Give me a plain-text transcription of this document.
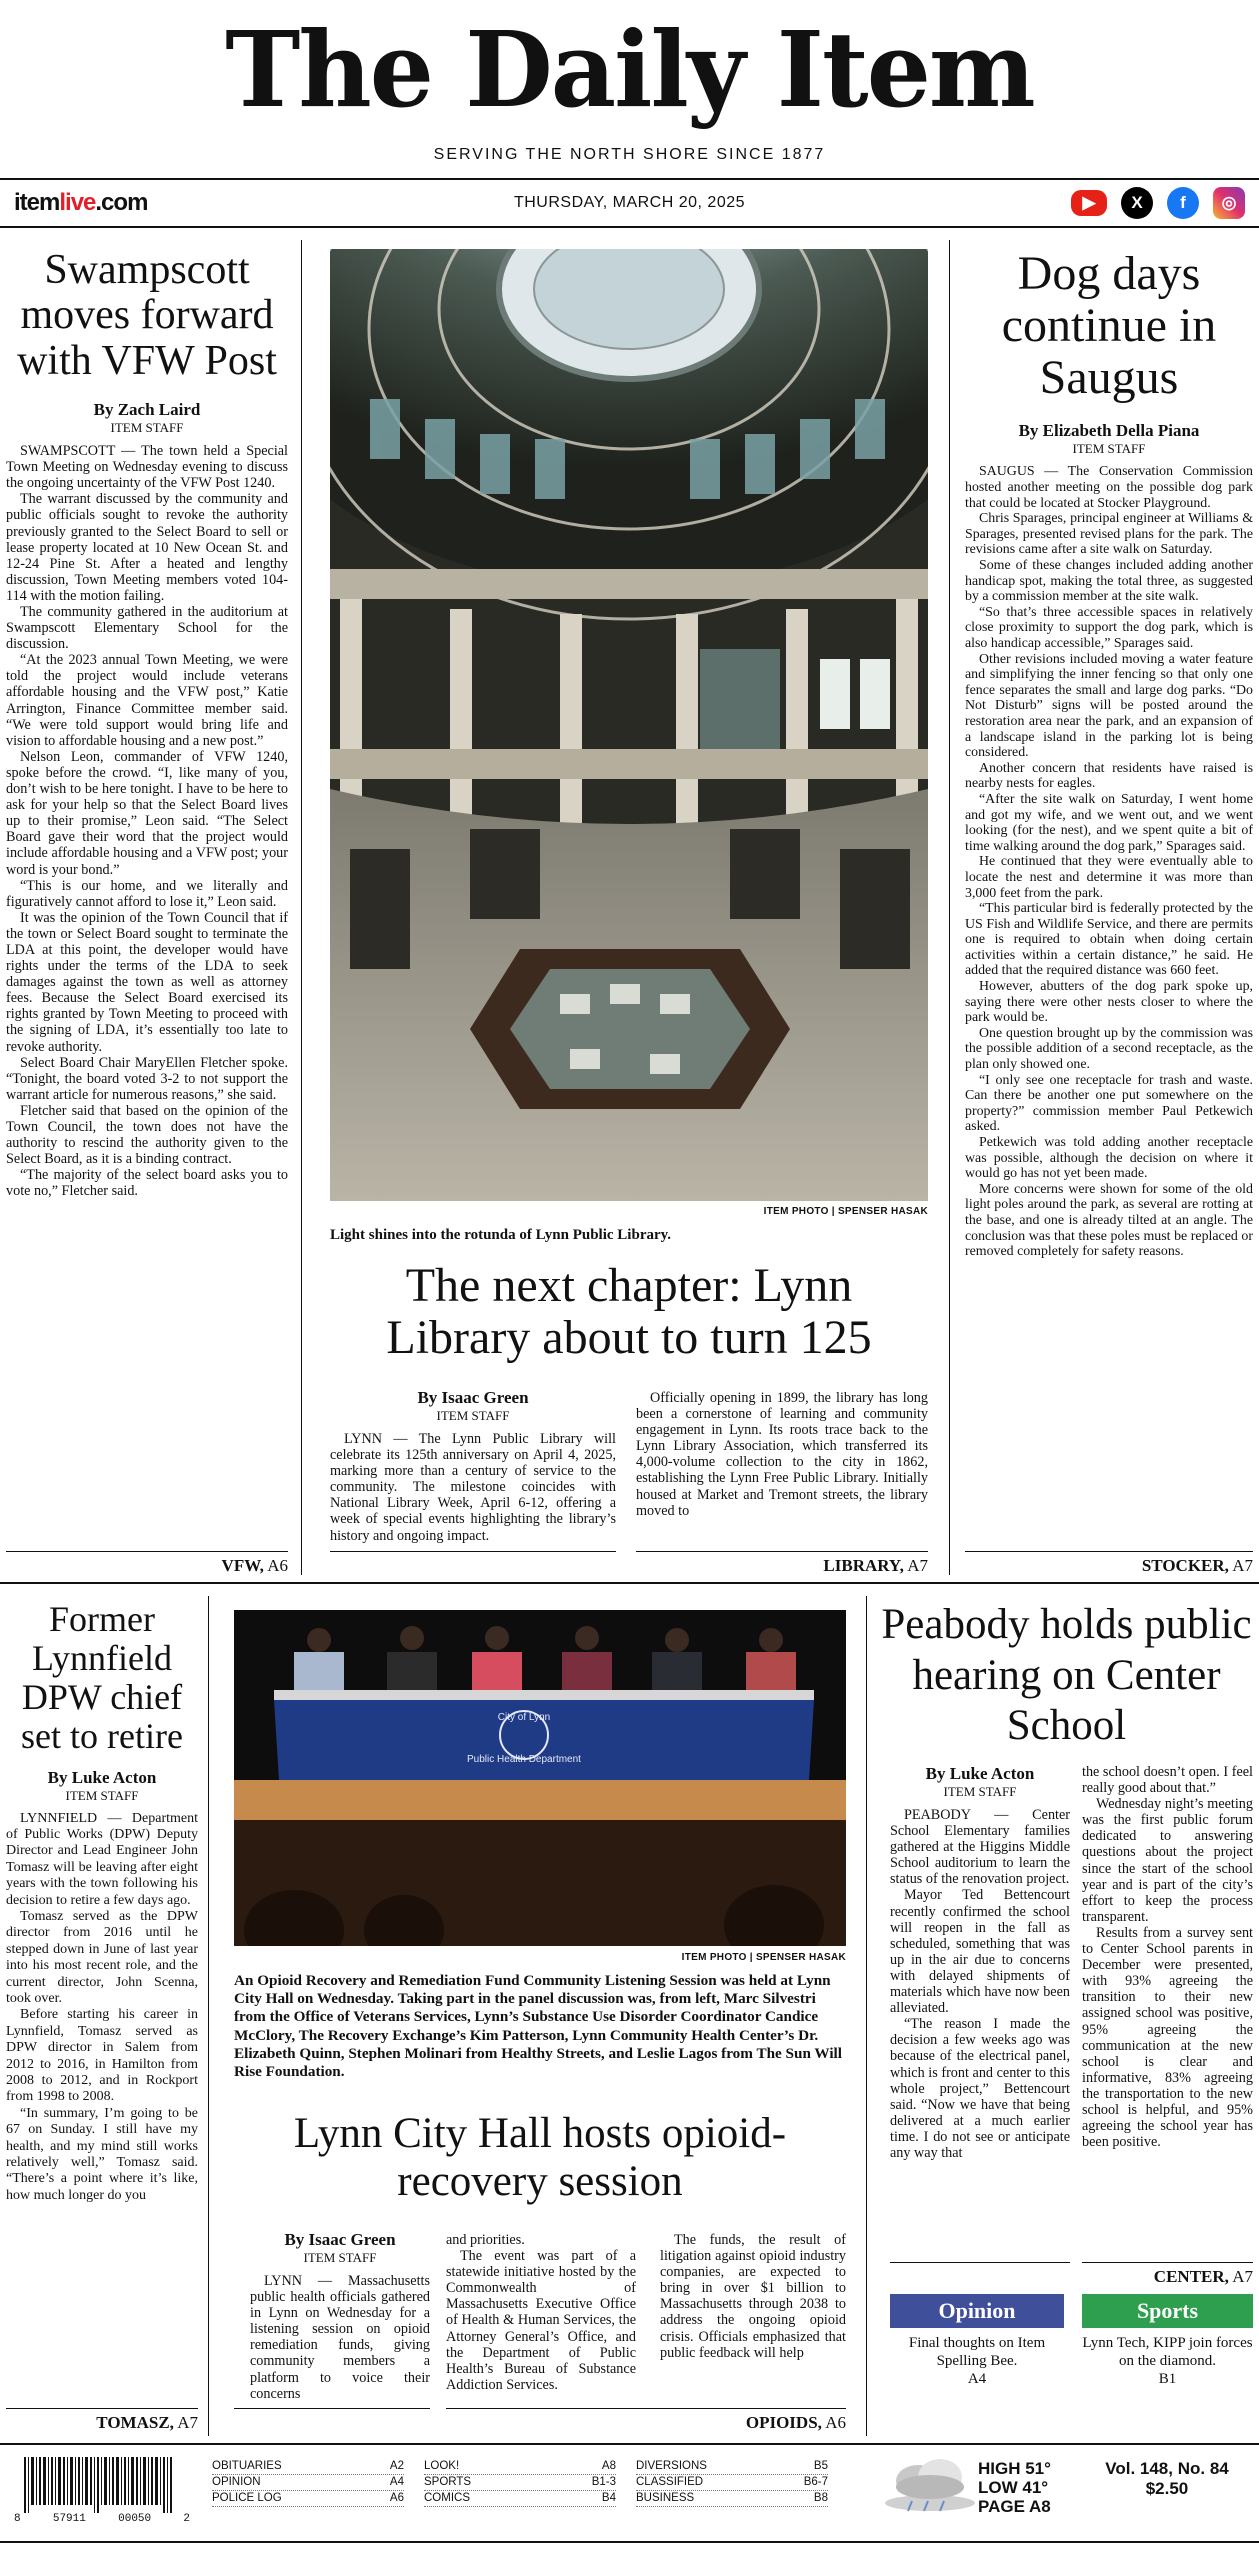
The Daily Item
SERVING THE NORTH SHORE SINCE 1877
THURSDAY, MARCH 20, 2025
itemlive.com	▶	X	f	◎
Swampscott moves forward with VFW Post
By Zach Laird
ITEM STAFF

SWAMPSCOTT — The town held a Special Town Meeting on Wednesday evening to discuss the ongoing uncertainty of the VFW Post 1240.

The warrant discussed by the community and public officials sought to revoke the authority previously granted to the Select Board to sell or lease property located at 10 New Ocean St. and 12-24 Pine St. After a heated and lengthy discussion, Town Meeting members voted 104-114 with the motion failing.

The community gathered in the auditorium at Swampscott Elementary School for the discussion.

“At the 2023 annual Town Meeting, we were told the project would include veterans affordable housing and the VFW post,” Katie Arrington, Finance Committee member said. “We were told support would bring life and vision to affordable housing and a new post.”

Nelson Leon, commander of VFW 1240, spoke before the crowd. “I, like many of you, don’t wish to be here tonight. I have to be here to ask for your help so that the Select Board lives up to their promise,” Leon said. “The Select Board gave their word that the project would include affordable housing and a VFW post; your word is your bond.”

“This is our home, and we literally and figuratively cannot afford to lose it,” Leon said.

It was the opinion of the Town Council that if the town or Select Board sought to terminate the LDA at this point, the developer would have rights under the terms of the LDA to seek damages against the town as well as attorney fees. Because the Select Board exercised its rights granted by Town Meeting to proceed with the signing of LDA, it’s essentially too late to revoke authority.

Select Board Chair MaryEllen Fletcher spoke. “Tonight, the board voted 3-2 to not support the warrant article for numerous reasons,” she said.

Fletcher said that based on the opinion of the Town Council, the town does not have the authority to rescind the authority given to the Select Board, as it is a binding contract.

“The majority of the select board asks you to vote no,” Fletcher said.

VFW, A6
ITEM PHOTO | SPENSER HASAK
Light shines into the rotunda of Lynn Public Library.
The next chapter: Lynn Library about to turn 125
By Isaac Green
ITEM STAFF

LYNN — The Lynn Public Library will celebrate its 125th anniversary on April 4, 2025, marking more than a century of service to the community. The milestone coincides with National Library Week, April 6-12, offering a week of special events highlighting the library’s history and ongoing impact.

Officially opening in 1899, the library has long been a cornerstone of learning and community engagement in Lynn. Its roots trace back to the Lynn Library Association, which transferred its 4,000-volume collection to the city in 1862, establishing the Lynn Free Public Library. Initially housed at Market and Tremont streets, the library moved to

LIBRARY, A7
Dog days continue in Saugus
By Elizabeth Della Piana
ITEM STAFF

SAUGUS — The Conservation Commission hosted another meeting on the possible dog park that could be located at Stocker Playground.

Chris Sparages, principal engineer at Williams & Sparages, presented revised plans for the park. The revisions came after a site walk on Saturday.

Some of these changes included adding another handicap spot, making the total three, as suggested by a commission member at the site walk.

“So that’s three accessible spaces in relatively close proximity to support the dog park, which is also handicap accessible,” Sparages said.

Other revisions included moving a water feature and simplifying the inner fencing so that only one fence separates the small and large dog parks. “Do Not Disturb” signs will be posted around the restoration area near the park, and an expansion of a landscape island in the parking lot is being considered.

Another concern that residents have raised is nearby nests for eagles.

“After the site walk on Saturday, I went home and got my wife, and we went out, and we went looking (for the nest), and we spent quite a bit of time walking around the dog park,” Sparages said.

He continued that they were eventually able to locate the nest and determine it was more than 3,000 feet from the park.

“This particular bird is federally protected by the US Fish and Wildlife Service, and there are permits one is required to obtain when doing certain activities within a certain distance,” he said. He added that the required distance was 660 feet.

However, abutters of the dog park spoke up, saying there were other nests closer to where the park would be.

One question brought up by the commission was the possible addition of a second receptacle, as the plan only showed one.

“I only see one receptacle for trash and waste. Can there be another one put somewhere on the property?” commission member Paul Petkewich asked.

Petkewich was told adding another receptacle was possible, although the decision on where it would go has not yet been made.

More concerns were shown for some of the old light poles around the park, as several are rotting at the base, and one is already tilted at an angle. The conclusion was that these poles must be replaced or removed completely for safety reasons.

STOCKER, A7
Former Lynnfield DPW chief set to retire
By Luke Acton
ITEM STAFF

LYNNFIELD — Department of Public Works (DPW) Deputy Director and Lead Engineer John Tomasz will be leaving after eight years with the town following his decision to retire a few days ago.

Tomasz served as the DPW director from 2016 until he stepped down in June of last year into his most recent role, and the current director, John Scenna, took over.

Before starting his career in Lynnfield, Tomasz served as DPW director in Salem from 2012 to 2016, in Hamilton from 2008 to 2012, and in Rockport from 1998 to 2008.

“In summary, I’m going to be 67 on Sunday. I still have my health, and my mind still works relatively well,” Tomasz said. “There’s a point where it’s like, how much longer do you

TOMASZ, A7
City of Lynn
Public Health Department
ITEM PHOTO | SPENSER HASAK
An Opioid Recovery and Remediation Fund Community Listening Session was held at Lynn City Hall on Wednesday. Taking part in the panel discussion was, from left, Marc Silvestri from the Office of Veterans Services, Lynn’s Substance Use Disorder Coordinator Candice McClory, The Recovery Exchange’s Kim Patterson, Lynn Community Health Center’s Dr. Elizabeth Quinn, Stephen Molinari from Healthy Streets, and Leslie Lagos from The Sun Will Rise Foundation.
Lynn City Hall hosts opioid-recovery session
By Isaac Green
ITEM STAFF

LYNN — Massachusetts public health officials gathered in Lynn on Wednesday for a listening session on opioid remediation funds, giving community members a platform to voice their concerns

and priorities.

The event was part of a statewide initiative hosted by the Commonwealth of Massachusetts Executive Office of Health & Human Services, the Attorney General’s Office, and the Department of Public Health’s Bureau of Substance Addiction Services.

The funds, the result of litigation against opioid industry companies, are expected to bring in over $1 billion to Massachusetts through 2038 to address the ongoing opioid crisis. Officials emphasized that public feedback will help

OPIOIDS, A6
Peabody holds public hearing on Center School
By Luke Acton
ITEM STAFF

PEABODY — Center School Elementary families gathered at the Higgins Middle School auditorium to learn the status of the renovation project.

Mayor Ted Bettencourt recently confirmed the school will reopen in the fall as scheduled, something that was up in the air due to concerns with delayed shipments of materials which have now been alleviated.

“The reason I made the decision a few weeks ago was because of the electrical panel, which is front and center to this whole project,” Bettencourt said. “Now we have that being delivered at a much earlier time. I do not see or anticipate any way that

the school doesn’t open. I feel really good about that.”

Wednesday night’s meeting was the first public forum dedicated to answering questions about the project since the start of the school year and is part of the city’s effort to keep the process transparent.

Results from a survey sent to Center School parents in December were presented, with 93% agreeing the transition to their new assigned school was positive, 95% agreeing the communication at the new school is clear and informative, 83% agreeing the transportation to the new school is helpful, and 95% agreeing the school year has been positive.

CENTER, A7
Opinion
Final thoughts on Item Spelling Bee.
A4
Sports
Lynn Tech, KIPP join forces on the diamond.
B1
8	57911	00050	2
OBITUARIES	A2
OPINION	A4
POLICE LOG	A6
LOOK!	A8
SPORTS	B1-3
COMICS	B4
DIVERSIONS	B5
CLASSIFIED	B6-7
BUSINESS	B8
HIGH 51°
LOW 41°
PAGE A8
Vol. 148, No. 84
$2.50
